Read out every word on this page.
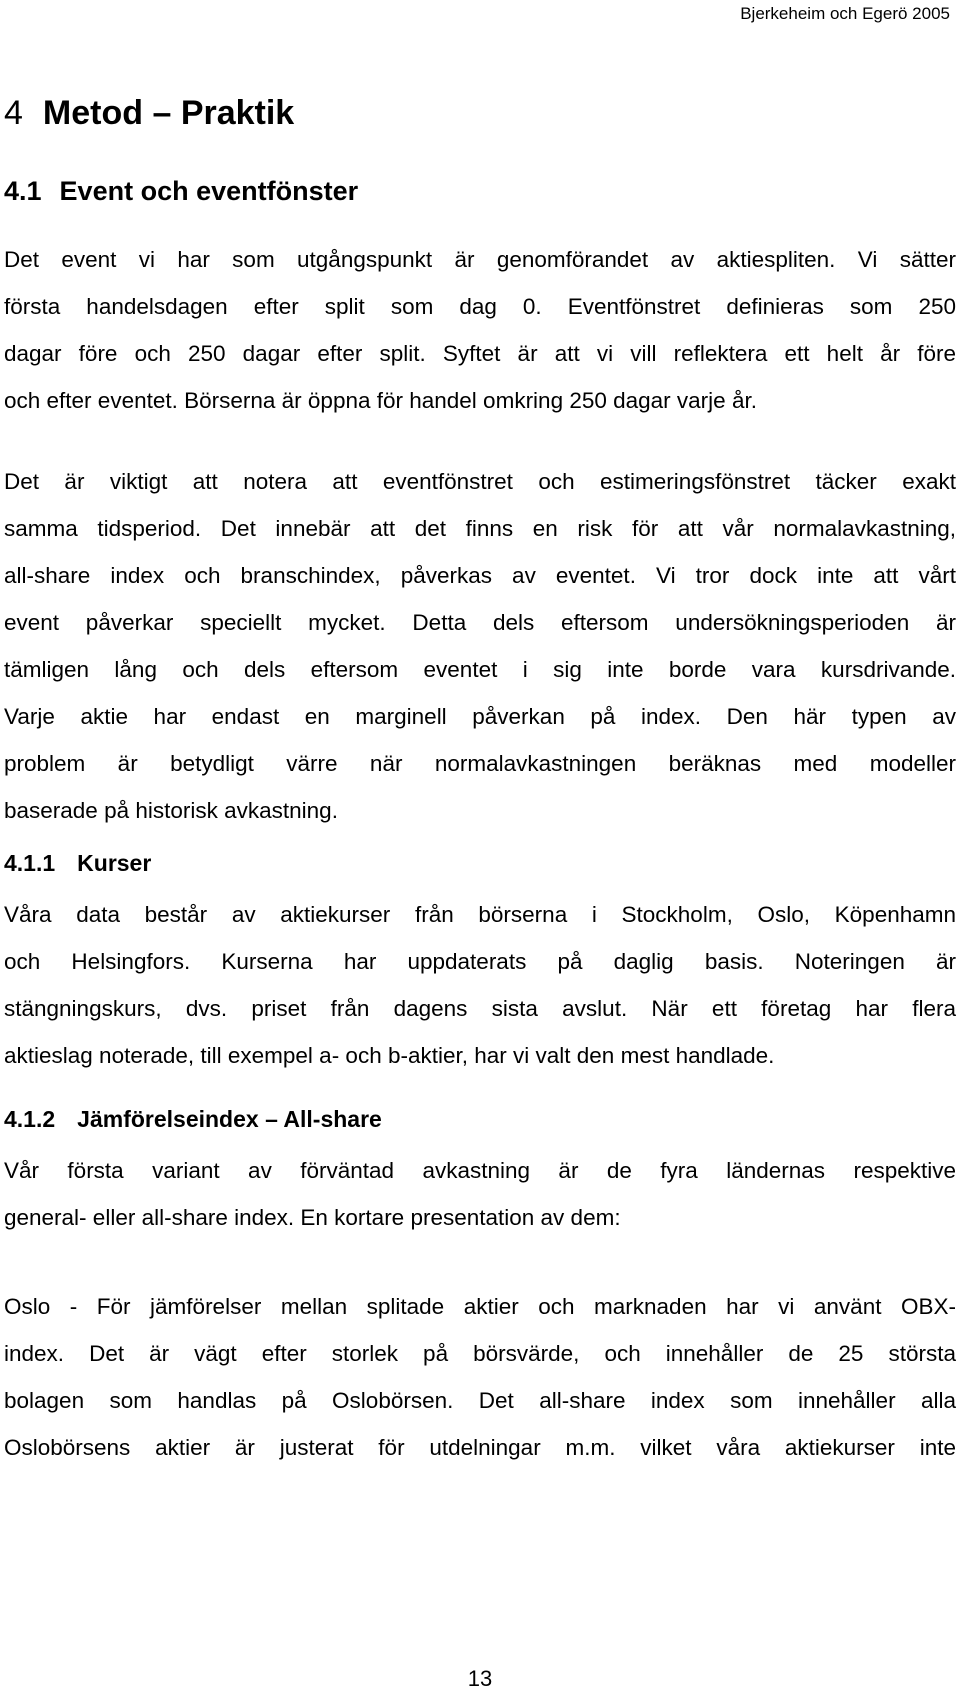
Bjerkeheim och Egerö 2005
4 Metod – Praktik
4.1 Event och eventfönster
Det event vi har som utgångspunkt är genomförandet av aktiespliten. Vi sätter
första handelsdagen efter split som dag 0. Eventfönstret definieras som 250
dagar före och 250 dagar efter split. Syftet är att vi vill reflektera ett helt år före
och efter eventet. Börserna är öppna för handel omkring 250 dagar varje år.
Det är viktigt att notera att eventfönstret och estimeringsfönstret täcker exakt
samma tidsperiod. Det innebär att det finns en risk för att vår normalavkastning,
all-share index och branschindex, påverkas av eventet. Vi tror dock inte att vårt
event påverkar speciellt mycket. Detta dels eftersom undersökningsperioden är
tämligen lång och dels eftersom eventet i sig inte borde vara kursdrivande.
Varje aktie har endast en marginell påverkan på index. Den här typen av
problem är betydligt värre när normalavkastningen beräknas med modeller
baserade på historisk avkastning.
4.1.1 Kurser
Våra data består av aktiekurser från börserna i Stockholm, Oslo, Köpenhamn
och Helsingfors. Kurserna har uppdaterats på daglig basis. Noteringen är
stängningskurs, dvs. priset från dagens sista avslut. När ett företag har flera
aktieslag noterade, till exempel a- och b-aktier, har vi valt den mest handlade.
4.1.2 Jämförelseindex – All-share
Vår första variant av förväntad avkastning är de fyra ländernas respektive
general- eller all-share index. En kortare presentation av dem:
Oslo - För jämförelser mellan splitade aktier och marknaden har vi använt OBX-
index. Det är vägt efter storlek på börsvärde, och innehåller de 25 största
bolagen som handlas på Oslobörsen. Det all-share index som innehåller alla
Oslobörsens aktier är justerat för utdelningar m.m. vilket våra aktiekurser inte
13
